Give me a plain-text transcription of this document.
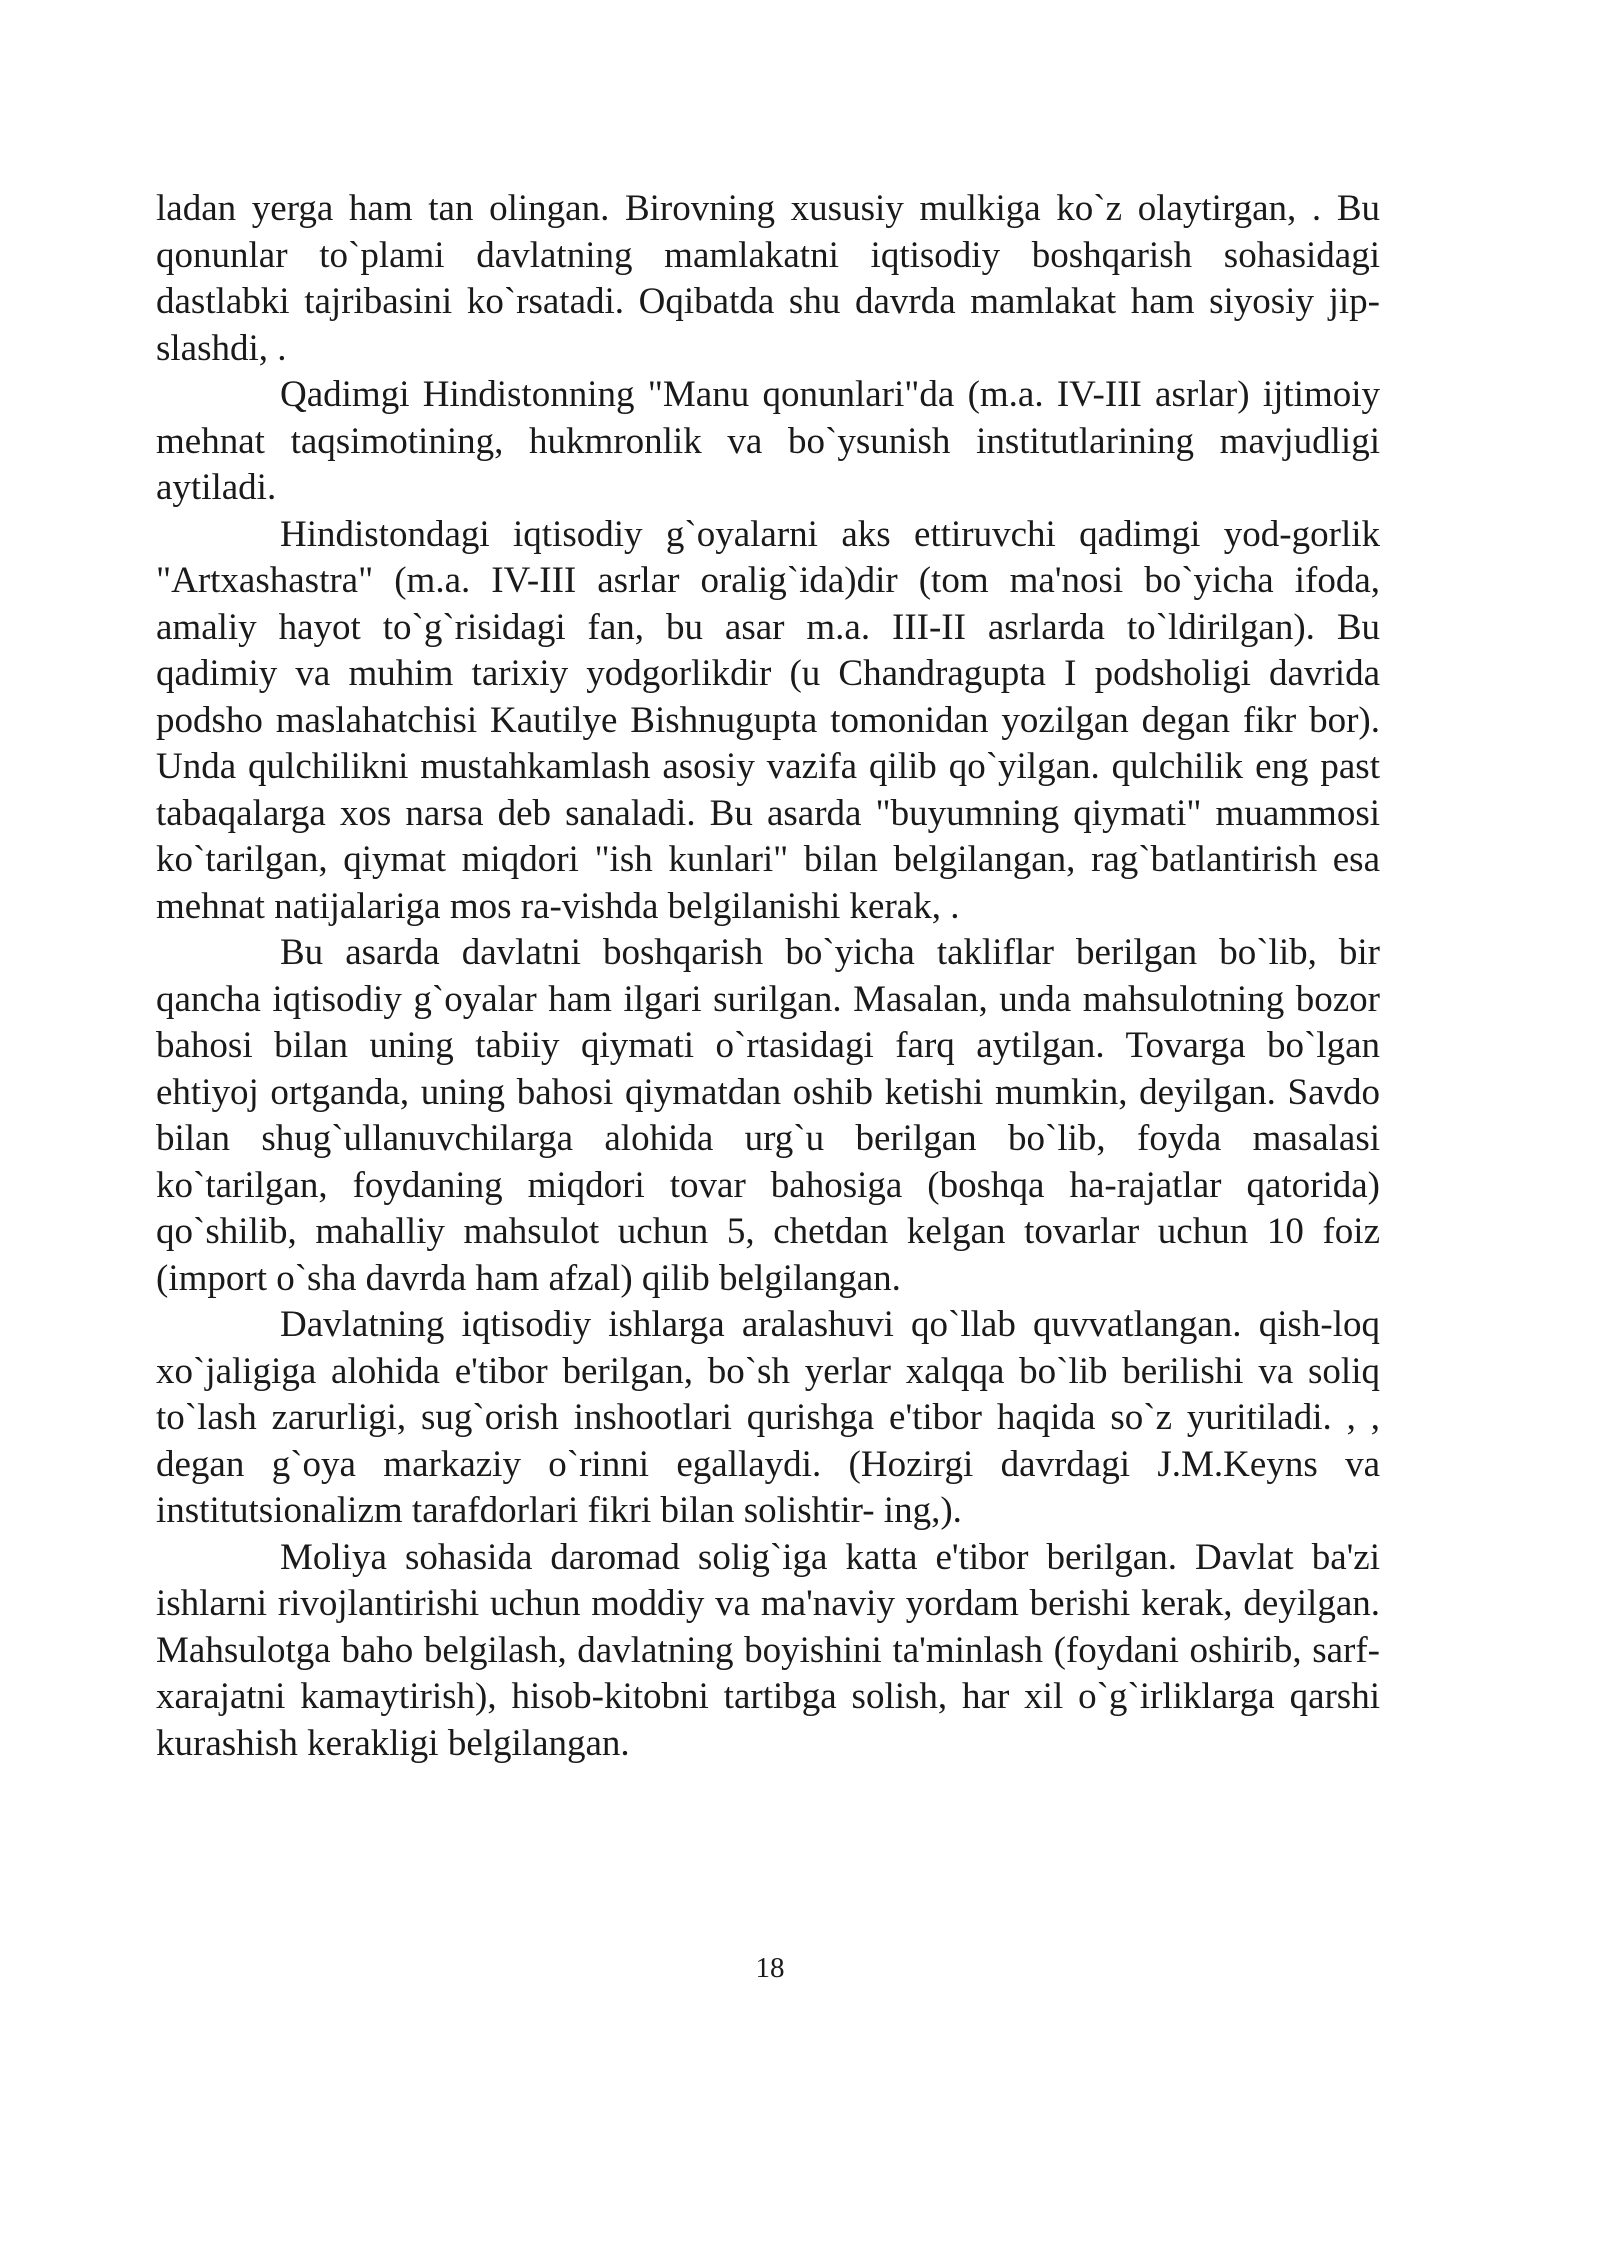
ladan yerga ham tan olingan. Birovning xususiy mulkiga ko`z olaytirgan, . Bu qonunlar to`plami davlatning mamlakatni iqtisodiy boshqarish sohasidagi dastlabki tajribasini ko`rsatadi. Oqibatda shu davrda mamlakat ham siyosiy jip- slashdi, .

Qadimgi Hindistonning "Manu qonunlari"da (m.a. IV-III asrlar) ijtimoiy mehnat taqsimotining, hukmronlik va bo`ysunish institutlarining mavjudligi aytiladi.

Hindistondagi iqtisodiy g`oyalarni aks ettiruvchi qadimgi yod-gorlik "Artxashastra" (m.a. IV-III asrlar oralig`ida)dir (tom ma'nosi bo`yicha ifoda, amaliy hayot to`g`risidagi fan, bu asar m.a. III-II asrlarda to`ldirilgan). Bu qadimiy va muhim tarixiy yodgorlikdir (u Chandragupta I podsholigi davrida podsho maslahatchisi Kautilye Bishnugupta tomonidan yozilgan degan fikr bor). Unda qulchilikni mustahkamlash asosiy vazifa qilib qo`yilgan. qulchilik eng past tabaqalarga xos narsa deb sanaladi. Bu asarda "buyumning qiymati" muammosi ko`tarilgan, qiymat miqdori "ish kunlari" bilan belgilangan, rag`batlantirish esa mehnat natijalariga mos ra-vishda belgilanishi kerak, .

Bu asarda davlatni boshqarish bo`yicha takliflar berilgan bo`lib, bir qancha iqtisodiy g`oyalar ham ilgari surilgan. Masalan, unda mahsulotning bozor bahosi bilan uning tabiiy qiymati o`rtasidagi farq aytilgan. Tovarga bo`lgan ehtiyoj ortganda, uning bahosi qiymatdan oshib ketishi mumkin, deyilgan. Savdo bilan shug`ullanuvchilarga alohida urg`u berilgan bo`lib, foyda masalasi ko`tarilgan, foydaning miqdori tovar bahosiga (boshqa ha-rajatlar qatorida) qo`shilib, mahalliy mahsulot uchun 5, chetdan kelgan tovarlar uchun 10 foiz (import o`sha davrda ham afzal) qilib belgilangan.

Davlatning iqtisodiy ishlarga aralashuvi qo`llab quvvatlangan. qish-loq xo`jaligiga alohida e'tibor berilgan, bo`sh yerlar xalqqa bo`lib berilishi va soliq to`lash zarurligi, sug`orish inshootlari qurishga e'tibor haqida so`z yuritiladi. , , degan g`oya markaziy o`rinni egallaydi. (Hozirgi davrdagi J.M.Keyns va institutsionalizm tarafdorlari fikri bilan solishtir- ing,).

Moliya sohasida daromad solig`iga katta e'tibor berilgan. Davlat ba'zi ishlarni rivojlantirishi uchun moddiy va ma'naviy yordam berishi kerak, deyilgan. Mahsulotga baho belgilash, davlatning boyishini ta'minlash (foydani oshirib, sarf-xarajatni kamaytirish), hisob-kitobni tartibga solish, har xil o`g`irliklarga qarshi kurashish kerakligi belgilangan.

18
